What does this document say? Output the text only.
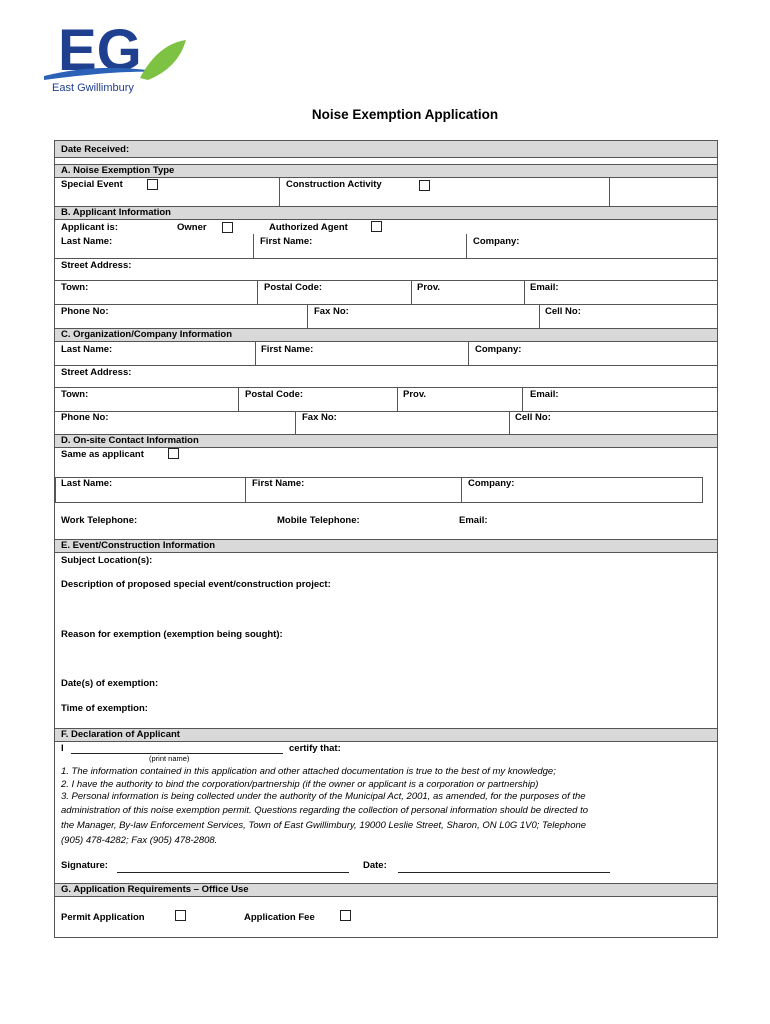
EG
East Gwillimbury
Noise Exemption Application
Date Received:
A. Noise Exemption Type
Special Event	Construction Activity
B. Applicant Information
Applicant is:	Owner	Authorized Agent
Last Name:	First Name:	Company:
Street Address:
Town:	Postal Code:	Prov.	Email:
Phone No:	Fax No:	Cell No:
C. Organization/Company Information
Last Name:	First Name:	Company:
Street Address:
Town:	Postal Code:	Prov.	Email:
Phone No:	Fax No:	Cell No:
D. On-site Contact Information
Same as applicant
Last Name:	First Name:	Company:
Work Telephone:	Mobile Telephone:	Email:
E. Event/Construction Information
Subject Location(s):
Description of proposed special event/construction project:
Reason for exemption (exemption being sought):
Date(s) of exemption:
Time of exemption:
F. Declaration of Applicant
I	certify that:
(print name)
1. The information contained in this application and other attached documentation is true to the best of my knowledge;
2. I have the authority to bind the corporation/partnership (if the owner or applicant is a corporation or partnership)
3. Personal information is being collected under the authority of the Municipal Act, 2001, as amended, for the purposes of the
administration of this noise exemption permit. Questions regarding the collection of personal information should be directed to
the Manager, By-law Enforcement Services, Town of East Gwillimbury, 19000 Leslie Street, Sharon, ON L0G 1V0; Telephone
(905) 478-4282; Fax (905) 478-2808.
Signature:	Date:
G. Application Requirements – Office Use
Permit Application	Application Fee
